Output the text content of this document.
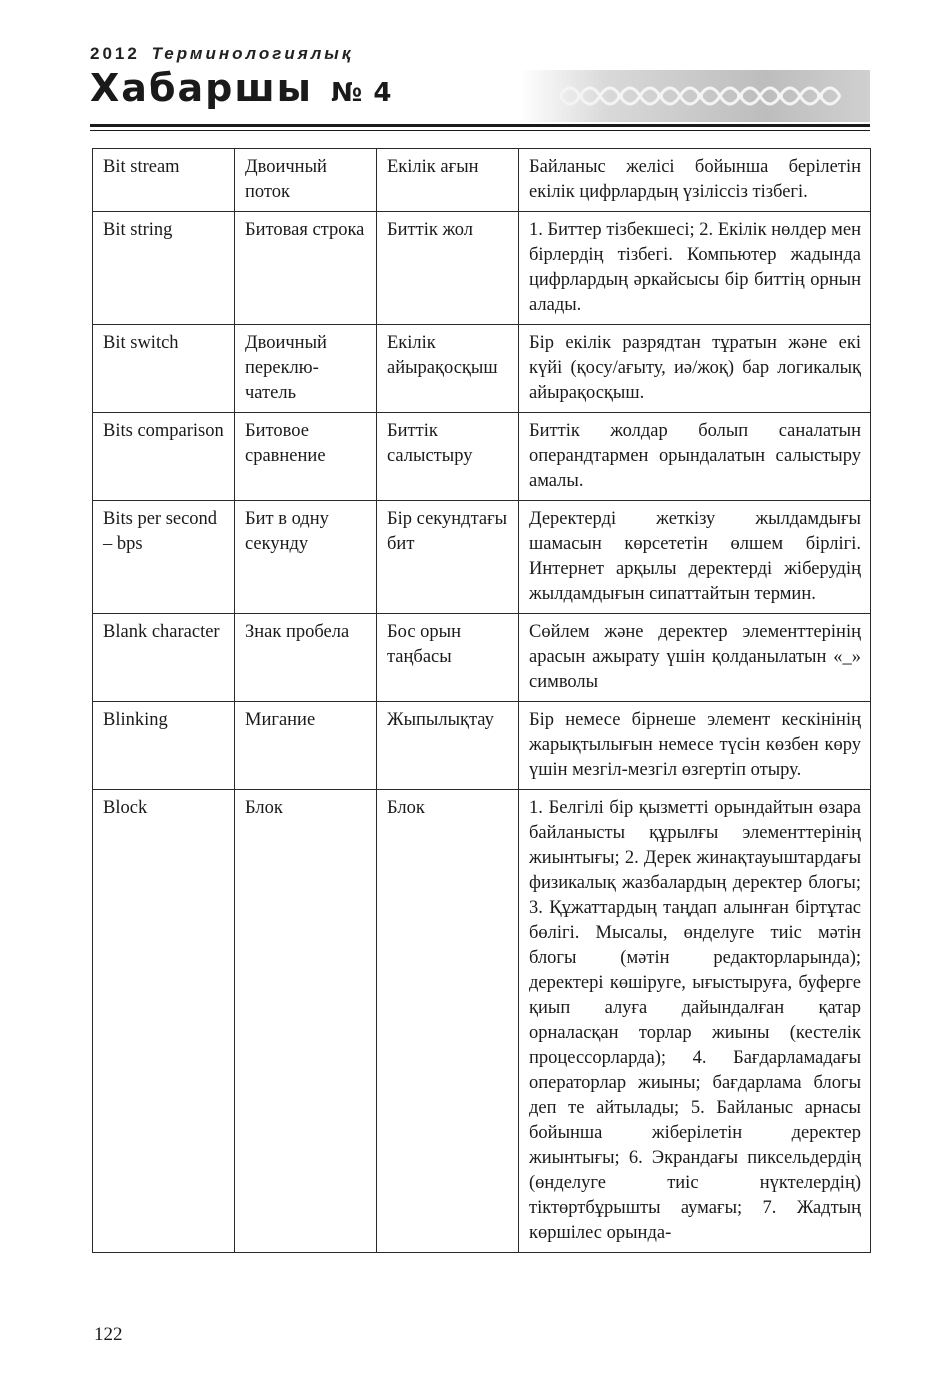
2012 Терминологиялық
Хабаршы № 4
Bit stream	Двоичный поток	Екілік ағын	Байланыс желісі бойынша берілетін екілік цифрлардың үзіліссіз тізбегі.
Bit string	Битовая строка	Биттік жол	1. Биттер тізбекшесі; 2. Екілік нөлдер мен бірлердің тізбегі. Компьютер жадында цифрлардың әркайсысы бір биттің орнын алады.
Bit switch	Двоичный переклю-чатель	Екілік айырақосқыш	Бір екілік разрядтан тұратын және екі күйі (қосу/ағыту, иә/жоқ) бар логикалық айырақосқыш.
Bits comparison	Битовое сравнение	Биттік салыстыру	Биттік жолдар болып саналатын операндтармен орындалатын салыстыру амалы.
Bits per second – bps	Бит в одну секунду	Бір секундтағы бит	Деректерді жеткізу жылдамдығы шамасын көрсететін өлшем бірлігі. Интернет арқылы деректерді жіберудің жылдамдығын сипаттайтын термин.
Blank character	Знак пробела	Бос орын таңбасы	Сөйлем және деректер элементтерінің арасын ажырату үшін қолданылатын «_» символы
Blinking	Мигание	Жыпылықтау	Бір немесе бірнеше элемент кескінінің жарықтылығын немесе түсін көзбен көру үшін мезгіл-мезгіл өзгертіп отыру.
Block	Блок	Блок	1. Белгілі бір қызметті орындайтын өзара байланысты құрылғы элементтерінің жиынтығы; 2. Дерек жинақтауыштардағы физикалық жазбалардың деректер блогы; 3. Құжаттардың таңдап алынған біртұтас бөлігі. Мысалы, өнделуге тиіс мәтін блогы (мәтін редакторларында); деректері көшіруге, ығыстыруға, буферге қиып алуға дайындалған қатар орналасқан торлар жиыны (кестелік процессорларда); 4. Бағдарламадағы операторлар жиыны; бағдарлама блогы деп те айтылады; 5. Байланыс арнасы бойынша жіберілетін деректер жиынтығы; 6. Экрандағы пиксельдердің (өнделуге тиіс нүктелердің) тіктөртбұрышты аумағы; 7. Жадтың көршілес орында-
122
